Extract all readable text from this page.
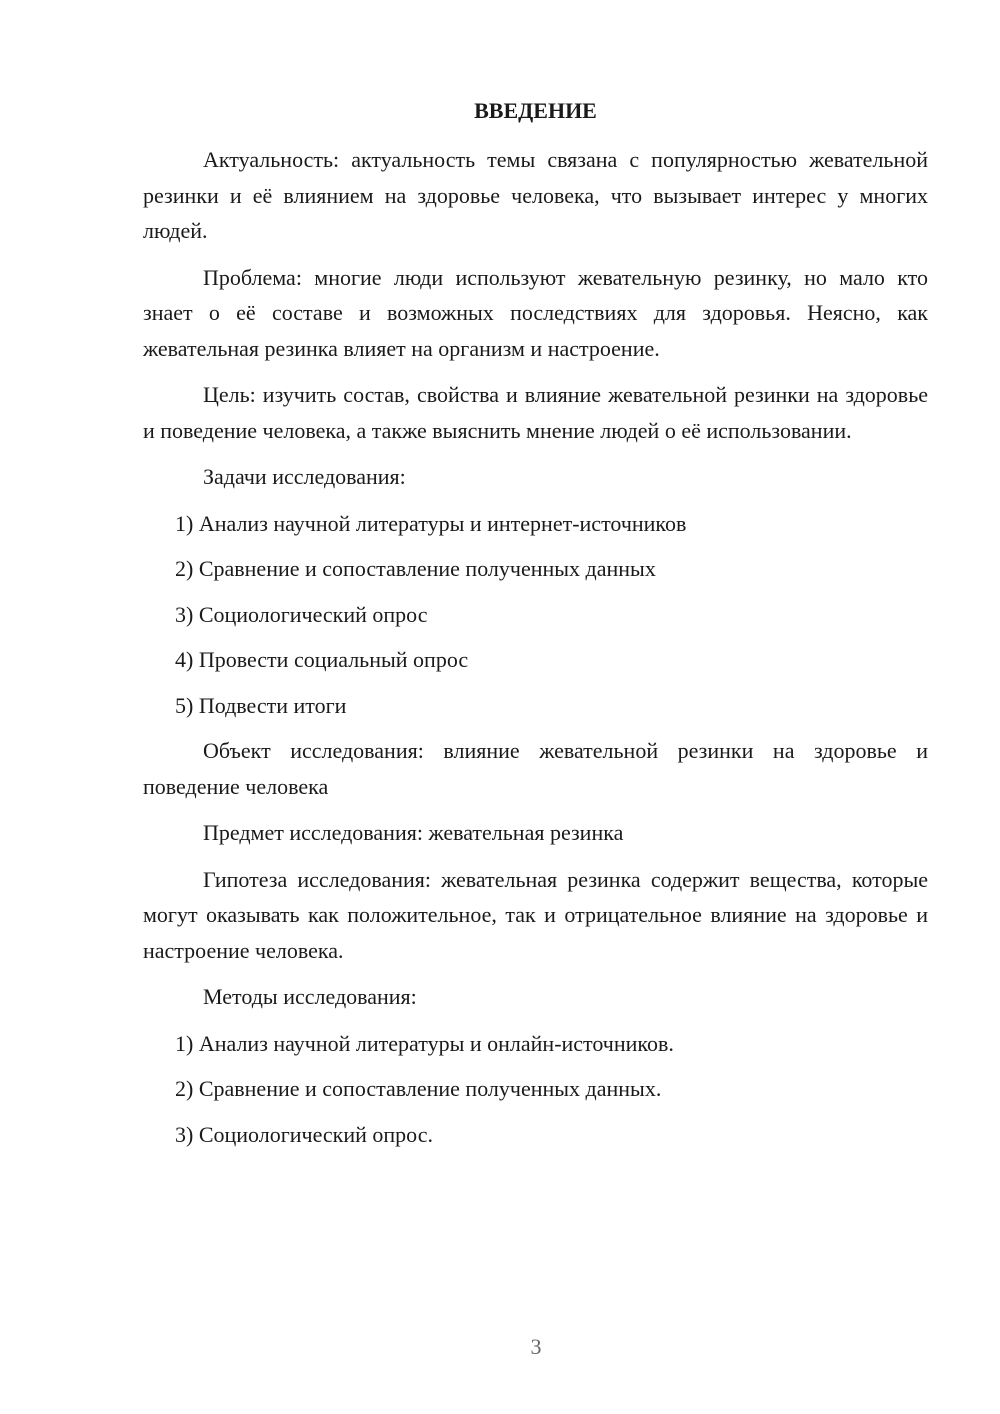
ВВЕДЕНИЕ

Актуальность: актуальность темы связана с популярностью жевательной резинки и её влиянием на здоровье человека, что вызывает интерес у многих людей.

Проблема: многие люди используют жевательную резинку, но мало кто знает о её составе и возможных последствиях для здоровья. Неясно, как жевательная резинка влияет на организм и настроение.

Цель: изучить состав, свойства и влияние жевательной резинки на здоровье и поведение человека, а также выяснить мнение людей о её использовании.

Задачи исследования:

1) Анализ научной литературы и интернет-источников
2) Сравнение и сопоставление полученных данных
3) Социологический опрос
4) Провести социальный опрос
5) Подвести итоги

Объект исследования: влияние жевательной резинки на здоровье и поведение человека

Предмет исследования: жевательная резинка

Гипотеза исследования: жевательная резинка содержит вещества, которые могут оказывать как положительное, так и отрицательное влияние на здоровье и настроение человека.

Методы исследования:

1) Анализ научной литературы и онлайн-источников.
2) Сравнение и сопоставление полученных данных.
3) Социологический опрос.
3
